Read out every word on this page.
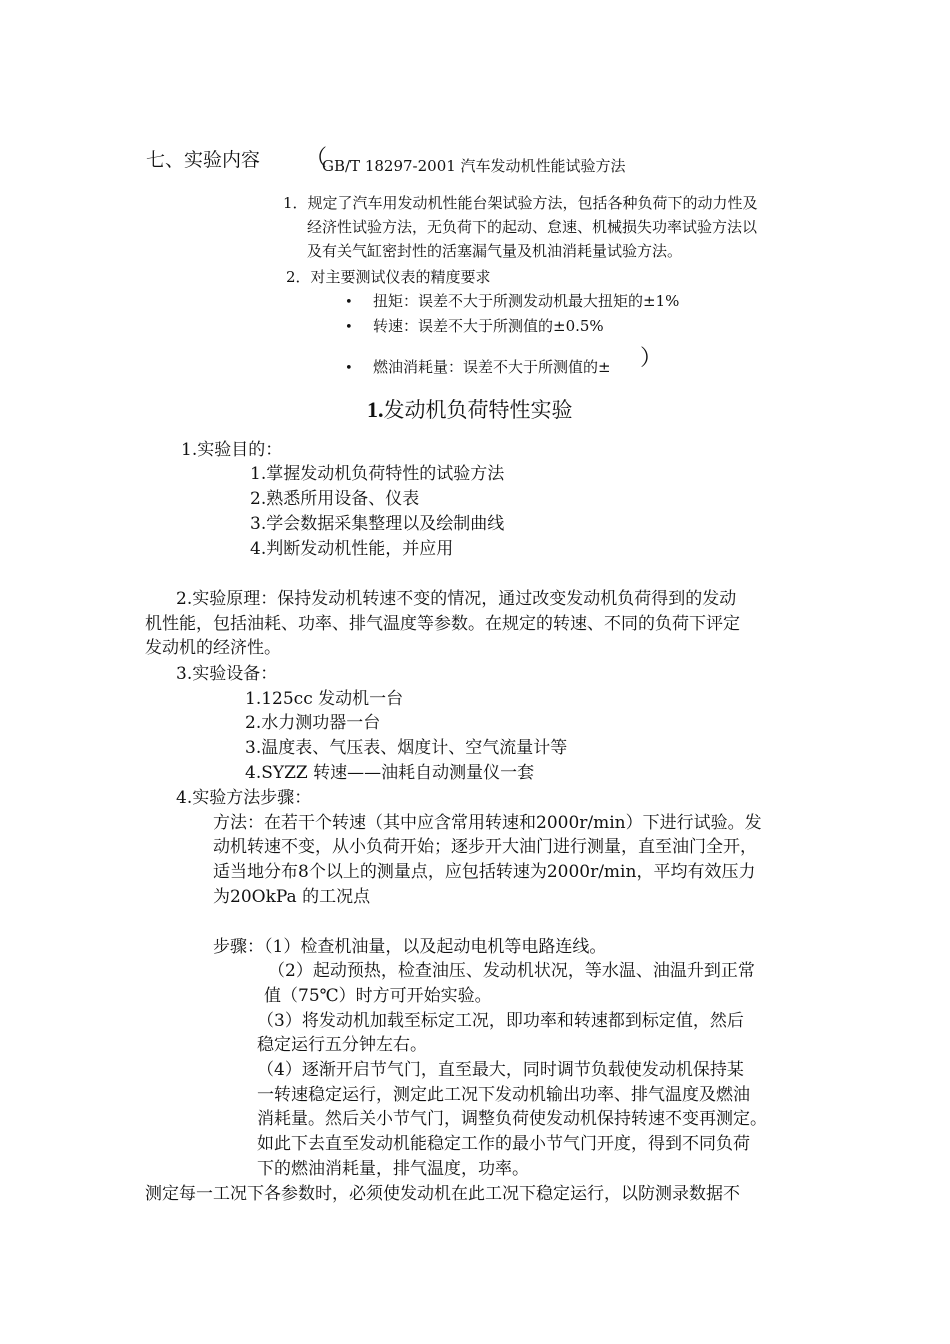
七、实验内容 （
GB/T 18297-2001 汽车发动机性能试验方法
1．规定了汽车用发动机性能台架试验方法，包括各种负荷下的动力性及
经济性试验方法，无负荷下的起动、怠速、机械损失功率试验方法以
及有关气缸密封性的活塞漏气量及机油消耗量试验方法。
2．对主要测试仪表的精度要求
• 扭矩：误差不大于所测发动机最大扭矩的±1%
• 转速：误差不大于所测值的±0.5%
• 燃油消耗量：误差不大于所测值的± ）
1.发动机负荷特性实验
1.实验目的：
1.掌握发动机负荷特性的试验方法
2.熟悉所用设备、仪表
3.学会数据采集整理以及绘制曲线
4.判断发动机性能，并应用
2.实验原理：保持发动机转速不变的情况，通过改变发动机负荷得到的发动
机性能，包括油耗、功率、排气温度等参数。在规定的转速、不同的负荷下评定
发动机的经济性。
3.实验设备：
1.125cc 发动机一台
2.水力测功器一台
3.温度表、气压表、烟度计、空气流量计等
4.SYZZ 转速——油耗自动测量仪一套
4.实验方法步骤：
方法：在若干个转速（其中应含常用转速和2000r/min）下进行试验。发
动机转速不变，从小负荷开始；逐步开大油门进行测量，直至油门全开，
适当地分布8个以上的测量点，应包括转速为2000r/min，平均有效压力
为20OkPa 的工况点
步骤：（1）检查机油量，以及起动电机等电路连线。
（2）起动预热，检查油压、发动机状况，等水温、油温升到正常
值（75℃）时方可开始实验。
（3）将发动机加载至标定工况，即功率和转速都到标定值，然后
稳定运行五分钟左右。
（4）逐渐开启节气门，直至最大，同时调节负载使发动机保持某
一转速稳定运行，测定此工况下发动机输出功率、排气温度及燃油
消耗量。然后关小节气门，调整负荷使发动机保持转速不变再测定。
如此下去直至发动机能稳定工作的最小节气门开度，得到不同负荷
下的燃油消耗量，排气温度，功率。
测定每一工况下各参数时，必须使发动机在此工况下稳定运行，以防测录数据不
